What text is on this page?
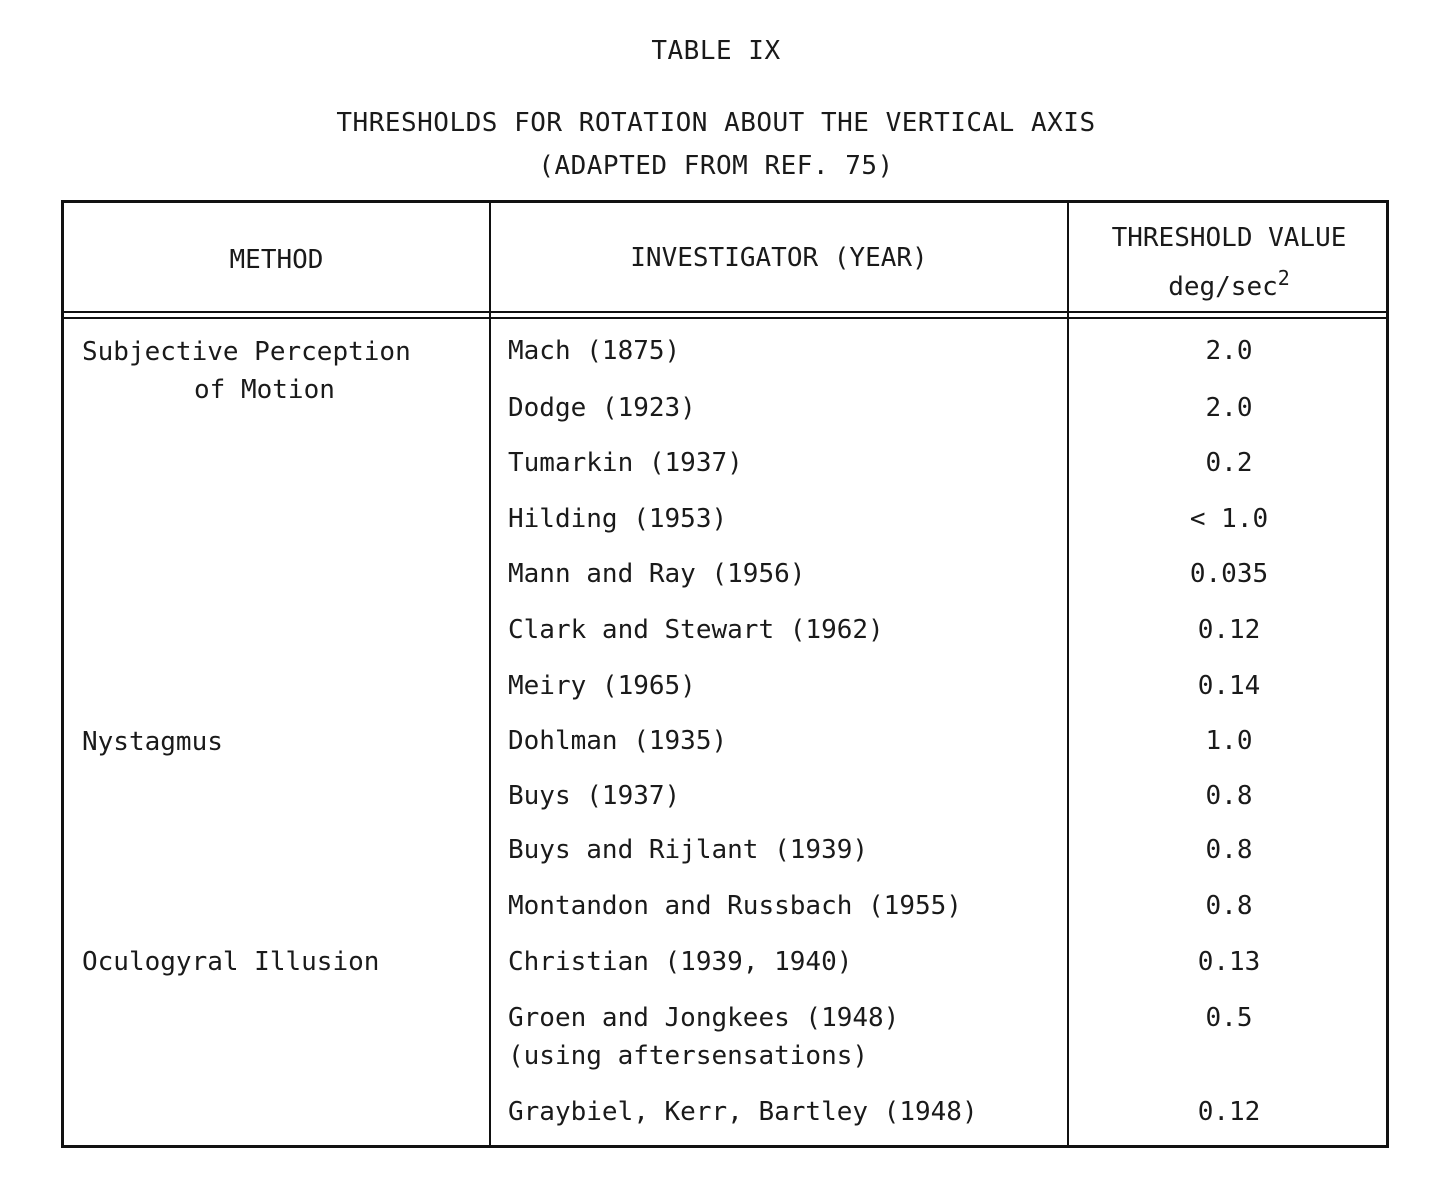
TABLE IX
THRESHOLDS FOR ROTATION ABOUT THE VERTICAL AXIS
(ADAPTED FROM REF. 75)
METHOD	INVESTIGATOR (YEAR)
THRESHOLD VALUE
deg/$\sec^2$
Subjective Perception
of Motion
Nystagmus
Oculogyral Illusion
Mach (1875)
Dodge (1923)
Tumarkin (1937)
Hilding (1953)
Mann and Ray (1956)
Clark and Stewart (1962)
Meiry (1965)
Dohlman (1935)
Buys (1937)
Buys and Rijlant (1939)
Montandon and Russbach (1955)
Christian (1939, 1940)
Groen and Jongkees (1948)
(using aftersensations)
Graybiel, Kerr, Bartley (1948)
2.0
2.0
0.2
< 1.0
0.035
0.12
0.14
1.0
0.8
0.8
0.8
0.13
0.5
0.12
